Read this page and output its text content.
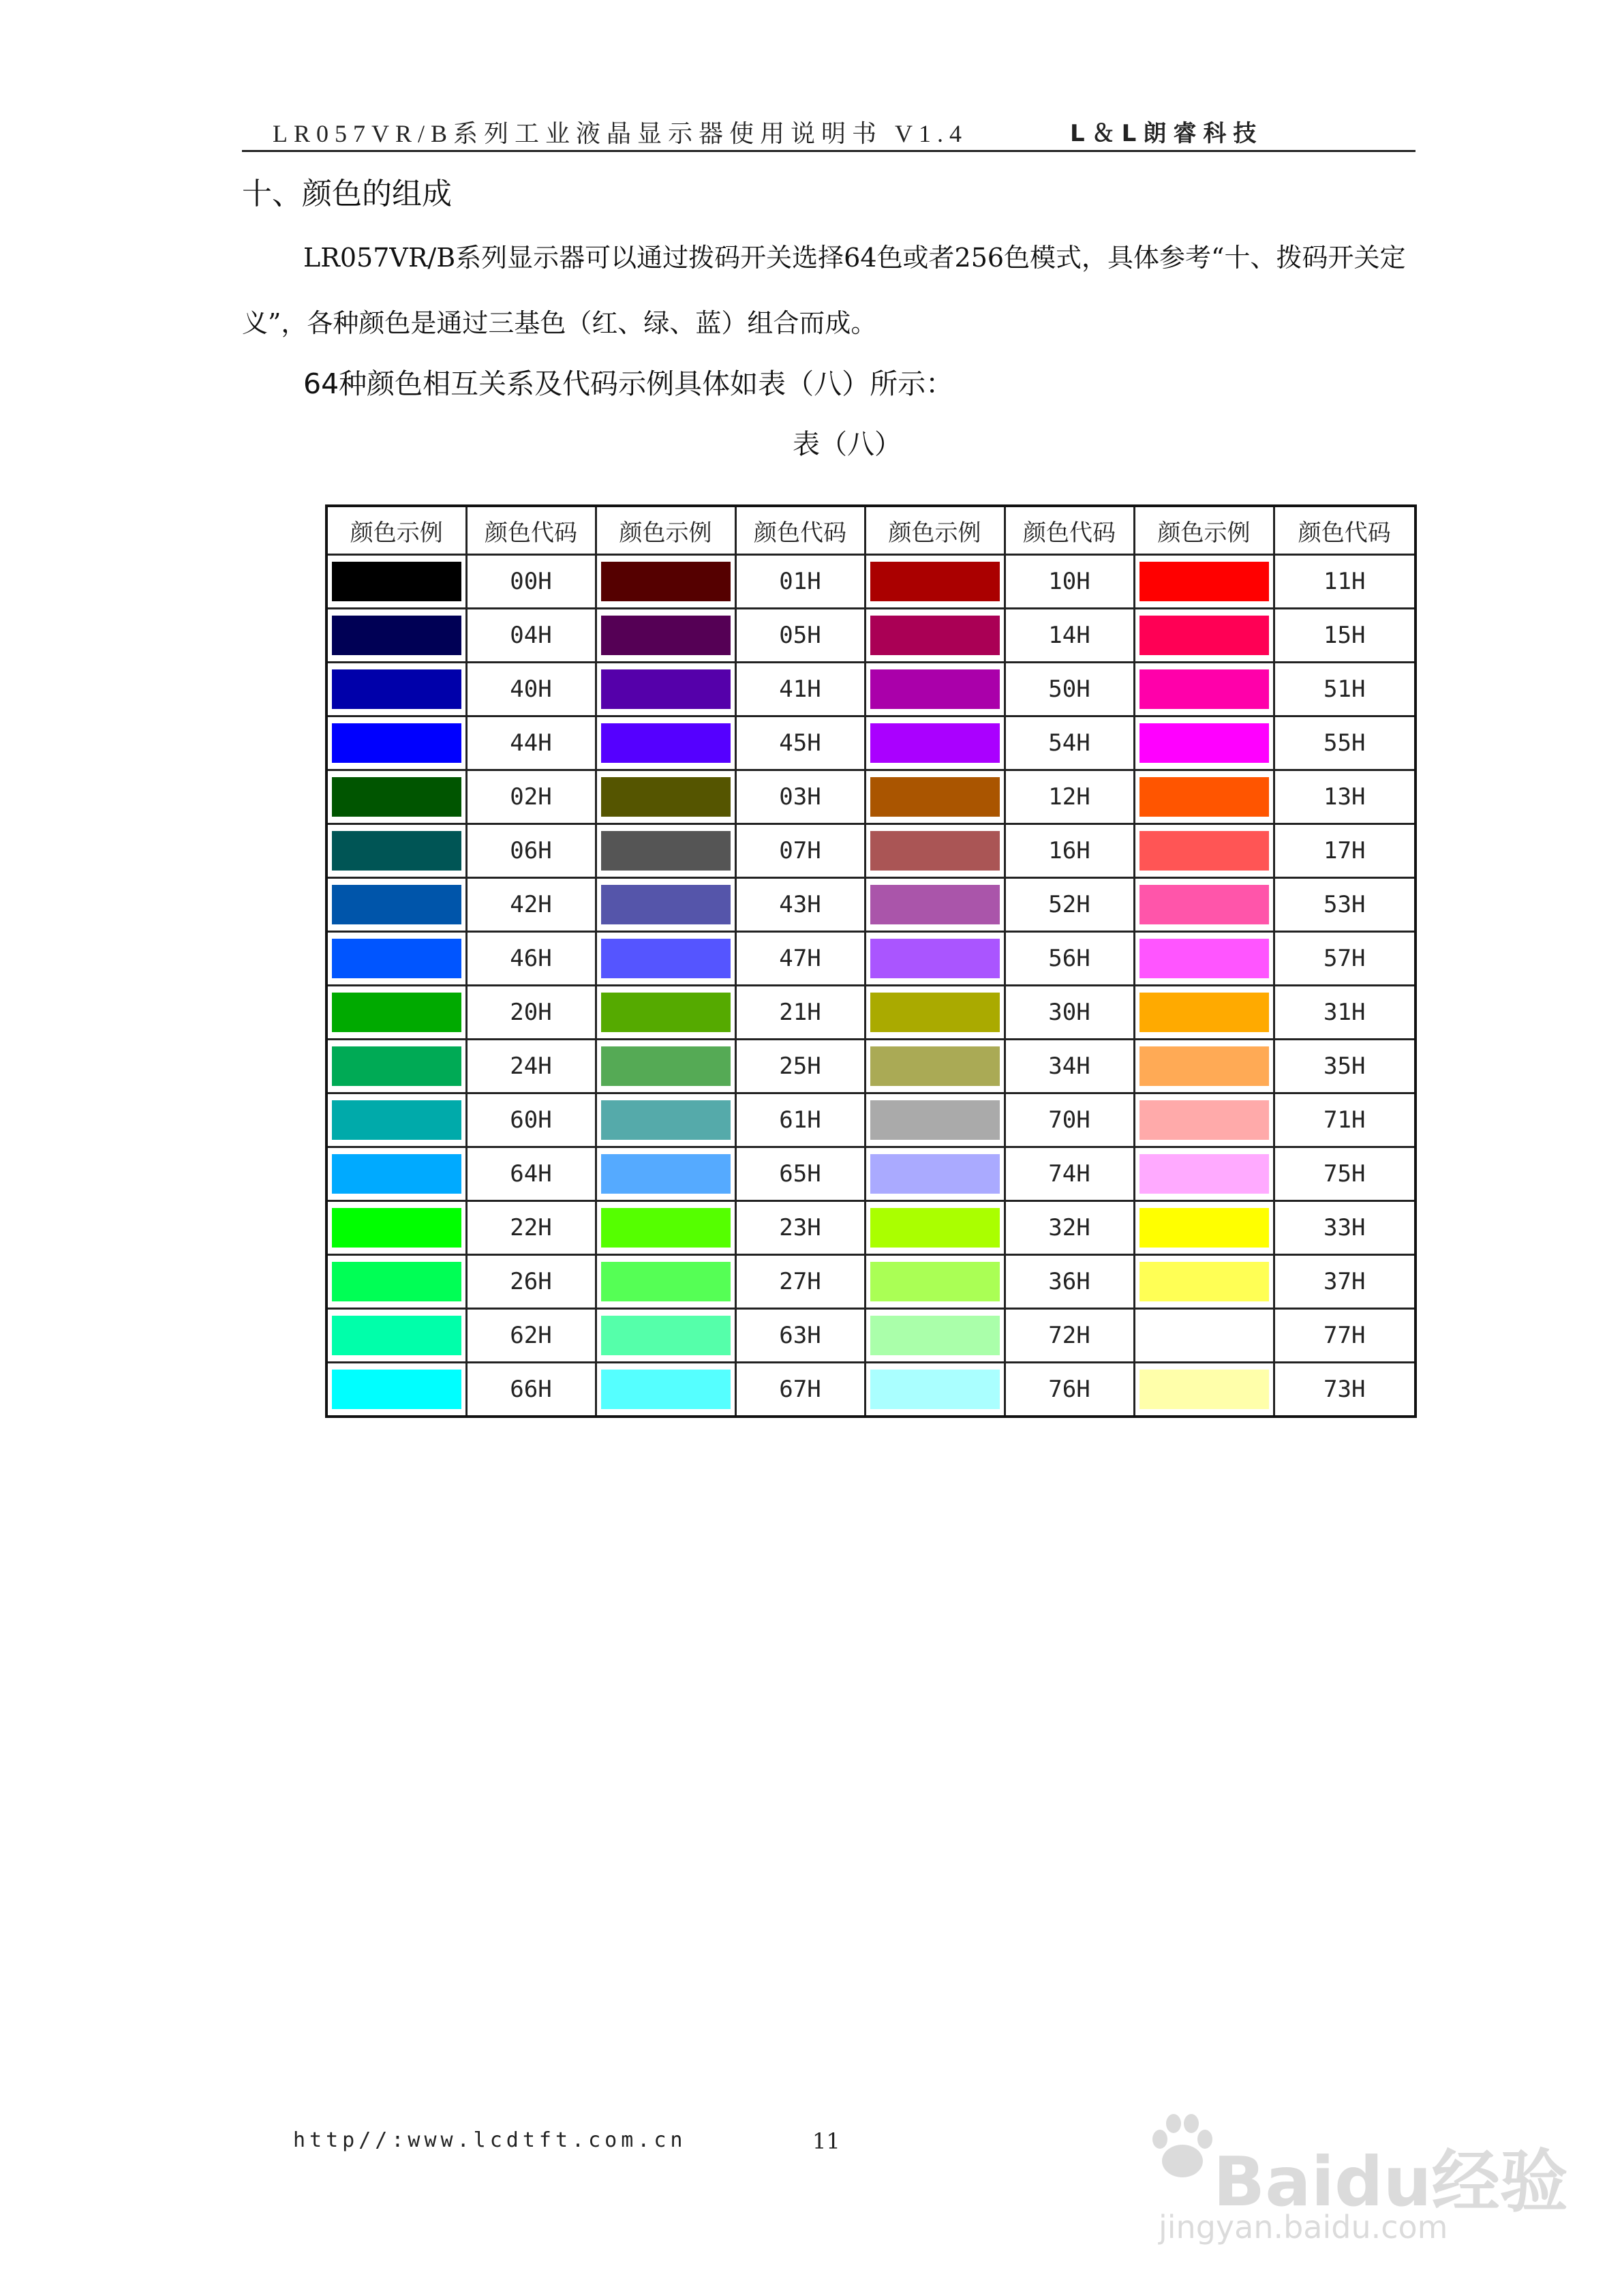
LR057VR/B系列工业液晶显示器使用说明书 V1.4	L＆L朗睿科技
十、颜色的组成
LR057VR/B系列显示器可以通过拨码开关选择64色或者256色模式，具体参考“十、拨码开关定义”，各种颜色是通过三基色（红、绿、蓝）组合而成。
64种颜色相互关系及代码示例具体如表（八）所示：
表（八）
颜色示例	颜色代码	颜色示例	颜色代码	颜色示例	颜色代码	颜色示例	颜色代码

	00H		01H		10H		11H

	04H		05H		14H		15H

	40H		41H		50H		51H

	44H		45H		54H		55H

	02H		03H		12H		13H

	06H		07H		16H		17H

	42H		43H		52H		53H

	46H		47H		56H		57H

	20H		21H		30H		31H

	24H		25H		34H		35H

	60H		61H		70H		71H

	64H		65H		74H		75H

	22H		23H		32H		33H

	26H		27H		36H		37H

	62H		63H		72H		77H

	66H		67H		76H		73H
http//:www.lcdtft.com.cn	11
Baidu经验
jingyan.baidu.com
